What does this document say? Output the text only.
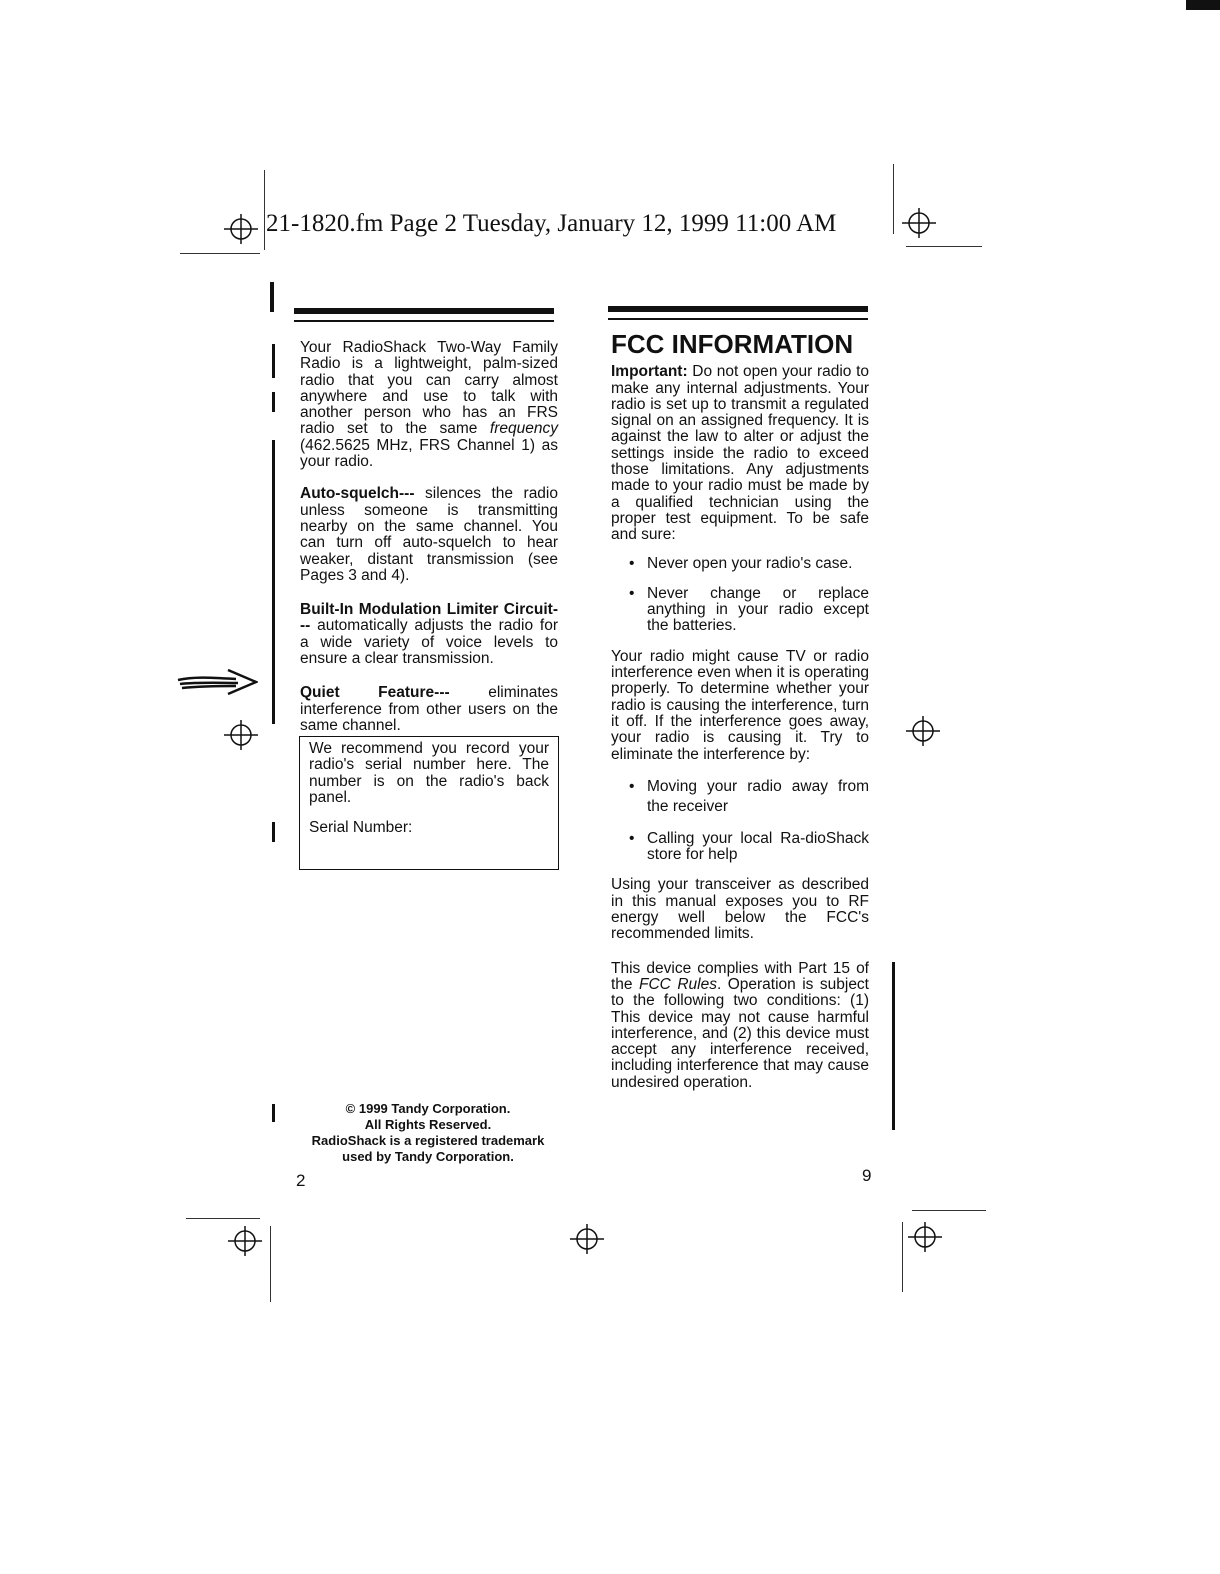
21-1820.fm Page 2 Tuesday, January 12, 1999 11:00 AM

Your RadioShack Two-Way Family Radio is a lightweight, palm-sized radio that you can carry almost anywhere and use to talk with another person who has an FRS radio set to the same frequency (462.5625 MHz, FRS Channel 1) as your radio.

Auto-squelch--- silences the radio unless someone is transmitting nearby on the same channel. You can turn off auto-squelch to hear weaker, distant transmission (see Pages 3 and 4).

Built-In Modulation Limiter Circuit--- automatically adjusts the radio for a wide variety of voice levels to ensure a clear transmission.

Quiet Feature--- eliminates interference from other users on the same channel.

We recommend you record your radio's serial number here. The number is on the radio's back panel.
Serial Number:
© 1999 Tandy Corporation.
All Rights Reserved.
RadioShack is a registered trademark
used by Tandy Corporation.
2
FCC INFORMATION

Important: Do not open your radio to make any internal adjustments. Your radio is set up to transmit a regulated signal on an assigned frequency. It is against the law to alter or adjust the settings inside the radio to exceed those limitations. Any adjustments made to your radio must be made by a qualified technician using the proper test equipment. To be safe and sure:

• Never open your radio's case.
• Never change or replace anything in your radio except the batteries.

Your radio might cause TV or radio interference even when it is operating properly. To determine whether your radio is causing the interference, turn it off. If the interference goes away, your radio is causing it. Try to eliminate the interference by:

• Moving your radio away from the receiver
• Calling your local Ra-dioShack store for help

Using your transceiver as described in this manual exposes you to RF energy well below the FCC's recommended limits.

This device complies with Part 15 of the FCC Rules. Operation is subject to the following two conditions: (1) This device may not cause harmful interference, and (2) this device must accept any interference received, including interference that may cause undesired operation.

9
